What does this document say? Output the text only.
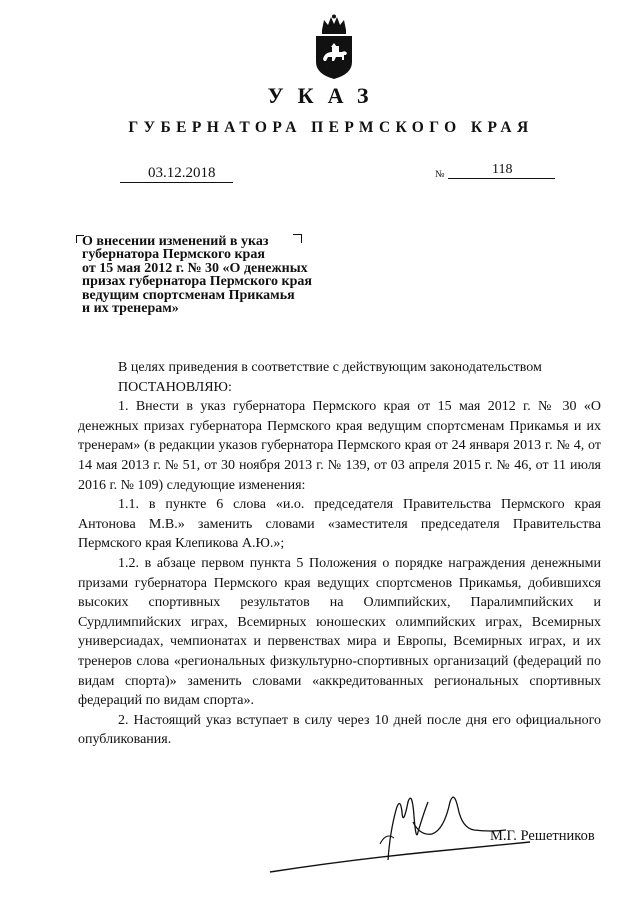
УКАЗ
ГУБЕРНАТОРА ПЕРМСКОГО КРАЯ
03.12.2018	№	118
О внесении изменений в указ
губернатора Пермского края
от 15 мая 2012 г. № 30 «О денежных
призах губернатора Пермского края
ведущим спортсменам Прикамья
и их тренерам»

В целях приведения в соответствие с действующим законодательством

ПОСТАНОВЛЯЮ:

1. Внести в указ губернатора Пермского края от 15 мая 2012 г. № 30 «О денежных призах губернатора Пермского края ведущим спортсменам Прикамья и их тренерам» (в редакции указов губернатора Пермского края от 24 января 2013 г. № 4, от 14 мая 2013 г. № 51, от 30 ноября 2013 г. № 139, от 03 апреля 2015 г. № 46, от 11 июля 2016 г. № 109) следующие изменения:

1.1. в пункте 6 слова «и.о. председателя Правительства Пермского края Антонова М.В.» заменить словами «заместителя председателя Правительства Пермского края Клепикова А.Ю.»;

1.2. в абзаце первом пункта 5 Положения о порядке награждения денежными призами губернатора Пермского края ведущих спортсменов Прикамья, добившихся высоких спортивных результатов на Олимпийских, Паралимпийских и Сурдлимпийских играх, Всемирных юношеских олимпийских играх, Всемирных универсиадах, чемпионатах и первенствах мира и Европы, Всемирных играх, и их тренеров слова «региональных физкультурно-спортивных организаций (федераций по видам спорта)» заменить словами «аккредитованных региональных спортивных федераций по видам спорта».

2. Настоящий указ вступает в силу через 10 дней после дня его официального опубликования.

М.Г. Решетников
